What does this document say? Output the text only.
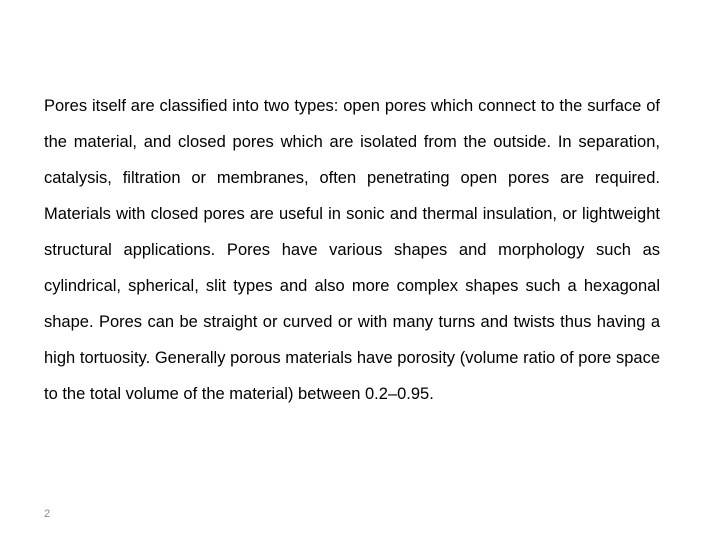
Pores itself are classified into two types: open pores which connect to the surface of the material, and closed pores which are isolated from the outside. In separation, catalysis, filtration or membranes, often penetrating open pores are required. Materials with closed pores are useful in sonic and thermal insulation, or lightweight structural applications. Pores have various shapes and morphology such as cylindrical, spherical, slit types and also more complex shapes such a hexagonal shape. Pores can be straight or curved or with many turns and twists thus having a high tortuosity. Generally porous materials have porosity (volume ratio of pore space to the total volume of the material) between 0.2–0.95.

2
